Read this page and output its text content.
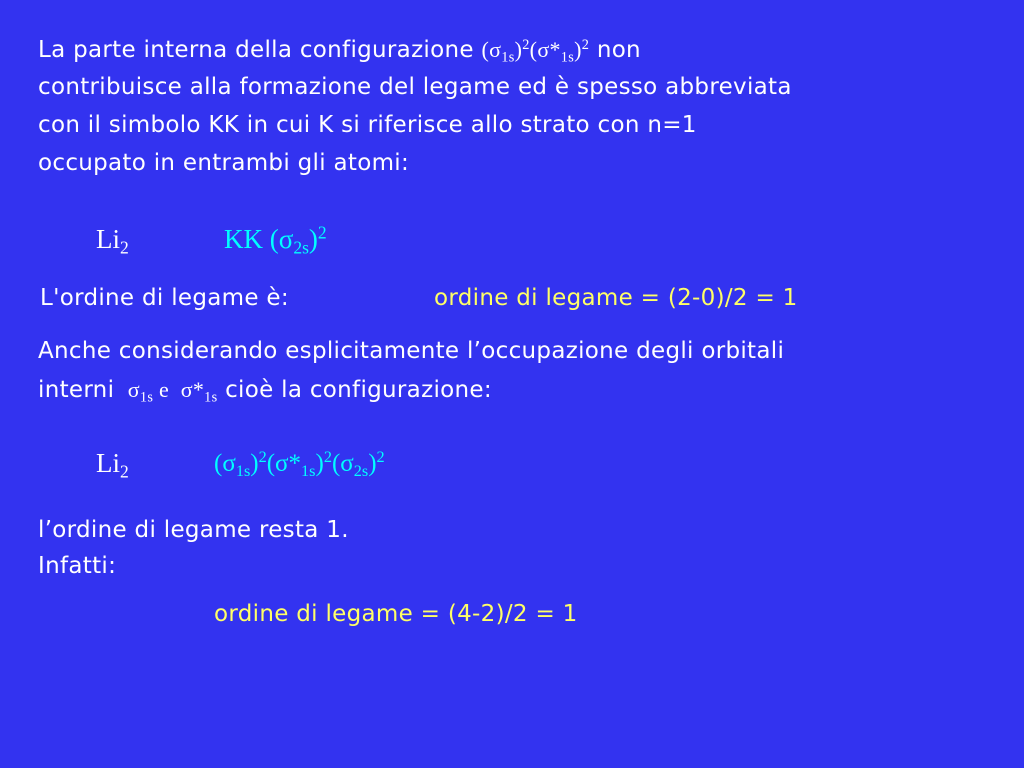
La parte interna della configurazione $(\sigma_{1s})^2(\sigma*_{1s})^2$ non
contribuisce alla formazione del legame ed è spesso abbreviata
con il simbolo KK in cui K si riferisce allo strato con n=1
occupato in entrambi gli atomi:
$Li_2$	KK $(\sigma_{2s})^2$
L'ordine di legame è:	ordine di legame = (2-0)/2 = 1
Anche considerando esplicitamente l’occupazione degli orbitali
interni $\sigma_{1s}$ e $\sigma*_{1s}$ cioè la configurazione:
$Li_2$	$(\sigma_{1s})^2(\sigma*_{1s})^2(\sigma_{2s})^2$
l’ordine di legame resta 1.
Infatti:
ordine di legame = (4-2)/2 = 1
